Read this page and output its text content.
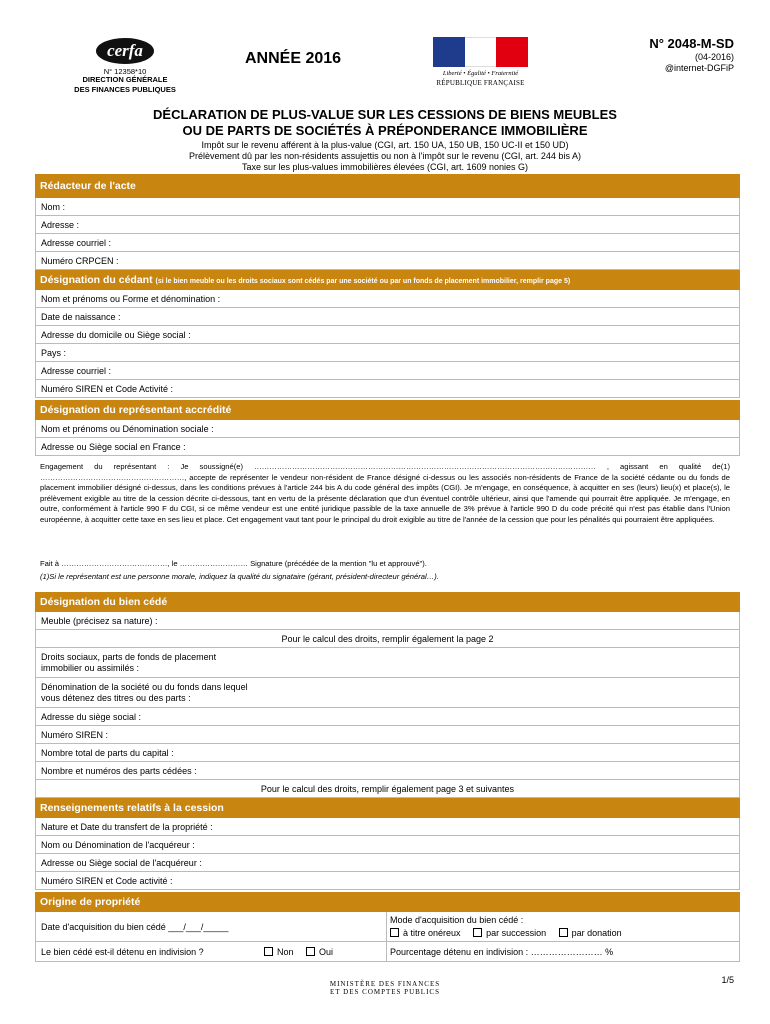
cerfa
N° 12358*10
DIRECTION GÉNÉRALE
DES FINANCES PUBLIQUES
ANNÉE 2016
Liberté • Égalité • Fraternité
RÉPUBLIQUE FRANÇAISE
N° 2048-M-SD
(04-2016)
@internet-DGFiP
DÉCLARATION DE PLUS-VALUE SUR LES CESSIONS DE BIENS MEUBLES
OU DE PARTS DE SOCIÉTÉS À PRÉPONDERANCE IMMOBILIÈRE
Impôt sur le revenu afférent à la plus-value (CGI, art. 150 UA, 150 UB, 150 UC-II et 150 UD)
Prélèvement dû par les non-résidents assujettis ou non à l'impôt sur le revenu (CGI, art. 244 bis A)
Taxe sur les plus-values immobilières élevées (CGI, art. 1609 nonies G)
Rédacteur de l'acte
Nom :
Adresse :
Adresse courriel :
Numéro CRPCEN :
Désignation du cédant (si le bien meuble ou les droits sociaux sont cédés par une société ou par un fonds de placement immobilier, remplir page 5)
Nom et prénoms ou Forme et dénomination :
Date de naissance :
Adresse du domicile ou Siège social :
Pays :
Adresse courriel :
Numéro SIREN et Code Activité :
Désignation du représentant accrédité
Nom et prénoms ou Dénomination sociale :
Adresse ou Siège social en France :
Engagement du représentant : Je soussigné(e) ……………………………………………………………………………………………………………………… , agissant en qualité de(1) …………………………………………………, accepte de représenter le vendeur non-résident de France désigné ci-dessus ou les associés non-résidents de France de la société cédante ou du fonds de placement immobilier désigné ci-dessus, dans les conditions prévues à l'article 244 bis A du code général des impôts (CGI). Je m'engage, en conséquence, à acquitter en ses (leurs) lieu(x) et place(s), le prélèvement exigible au titre de la cession décrite ci-dessous, tant en vertu de la présente déclaration que d'un éventuel contrôle ultérieur, ainsi que l'amende qui pourrait être appliquée. Je m'engage, en outre, conformément à l'article 990 F du CGI, si ce même vendeur est une entité juridique passible de la taxe annuelle de 3% prévue à l'article 990 D du code précité qui n'est pas établie dans l'Union européenne, à acquitter cette taxe en ses lieu et place. Cet engagement vaut tant pour le principal du droit exigible au titre de l'année de la cession que pour les pénalités qui pourraient être appliquées.
Fait à ……………………………………, le ……………………… Signature (précédée de la mention "lu et approuvé").
(1)Si le représentant est une personne morale, indiquez la qualité du signataire (gérant, président-directeur général…).
Désignation du bien cédé
Meuble (précisez sa nature) :
Pour le calcul des droits, remplir également la page 2
Droits sociaux, parts de fonds de placement
immobilier ou assimilés :
Dénomination de la société ou du fonds dans lequel
vous détenez des titres ou des parts :
Adresse du siège social :
Numéro SIREN :
Nombre total de parts du capital :
Nombre et numéros des parts cédées :
Pour le calcul des droits, remplir également page 3 et suivantes
Renseignements relatifs à la cession
Nature et Date du transfert de la propriété :
Nom ou Dénomination de l'acquéreur :
Adresse ou Siège social de l'acquéreur :
Numéro SIREN et Code activité :
Origine de propriété
Date d'acquisition du bien cédé ___/___/_____
Mode d'acquisition du bien cédé :
à titre onéreux	par succession	par donation
Le bien cédé est-il détenu en indivision ?	Non	Oui	Pourcentage détenu en indivision : …………………… %
MINISTÈRE DES FINANCES
ET DES COMPTES PUBLICS
1/5
